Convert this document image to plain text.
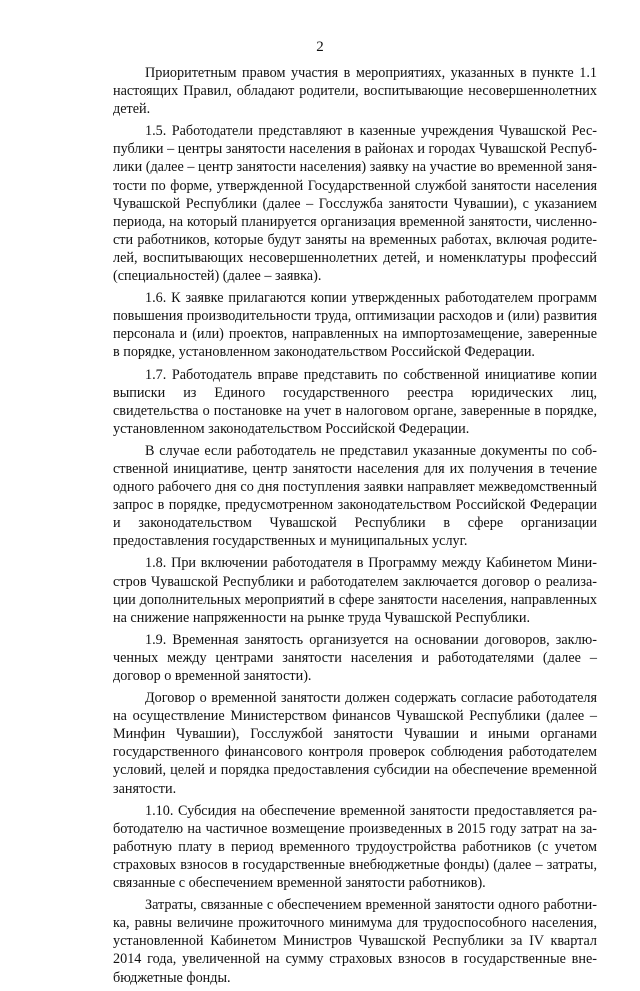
2

Приоритетным правом участия в мероприятиях, указанных в пункте 1.1 настоящих Правил, обладают родители, воспитывающие несовершеннолетних детей.

1.5. Работодатели представляют в казенные учреждения Чувашской Республики – центры занятости населения в районах и городах Чувашской Республики (далее – центр занятости населения) заявку на участие во временной занятости по форме, утвержденной Государственной службой занятости населения Чувашской Республики (далее – Госслужба занятости Чувашии), с указанием периода, на который планируется организация временной занятости, численности работников, которые будут заняты на временных работах, включая родителей, воспитывающих несовершеннолетних детей, и номенклатуры профессий (специальностей) (далее – заявка).

1.6. К заявке прилагаются копии утвержденных работодателем программ повышения производительности труда, оптимизации расходов и (или) развития персонала и (или) проектов, направленных на импортозамещение, заверенные в порядке, установленном законодательством Российской Федерации.

1.7. Работодатель вправе представить по собственной инициативе копии выписки из Единого государственного реестра юридических лиц, свидетельства о постановке на учет в налоговом органе, заверенные в порядке, установленном законодательством Российской Федерации.

В случае если работодатель не представил указанные документы по собственной инициативе, центр занятости населения для их получения в течение одного рабочего дня со дня поступления заявки направляет межведомственный запрос в порядке, предусмотренном законодательством Российской Федерации и законодательством Чувашской Республики в сфере организации предоставления государственных и муниципальных услуг.

1.8. При включении работодателя в Программу между Кабинетом Министров Чувашской Республики и работодателем заключается договор о реализации дополнительных мероприятий в сфере занятости населения, направленных на снижение напряженности на рынке труда Чувашской Республики.

1.9. Временная занятость организуется на основании договоров, заключенных между центрами занятости населения и работодателями (далее – договор о временной занятости).

Договор о временной занятости должен содержать согласие работодателя на осуществление Министерством финансов Чувашской Республики (далее – Минфин Чувашии), Госслужбой занятости Чувашии и иными органами государственного финансового контроля проверок соблюдения работодателем условий, целей и порядка предоставления субсидии на обеспечение временной занятости.

1.10. Субсидия на обеспечение временной занятости предоставляется работодателю на частичное возмещение произведенных в 2015 году затрат на заработную плату в период временного трудоустройства работников (с учетом страховых взносов в государственные внебюджетные фонды) (далее – затраты, связанные с обеспечением временной занятости работников).

Затраты, связанные с обеспечением временной занятости одного работника, равны величине прожиточного минимума для трудоспособного населения, установленной Кабинетом Министров Чувашской Республики за IV квартал 2014 года, увеличенной на сумму страховых взносов в государственные внебюджетные фонды.
